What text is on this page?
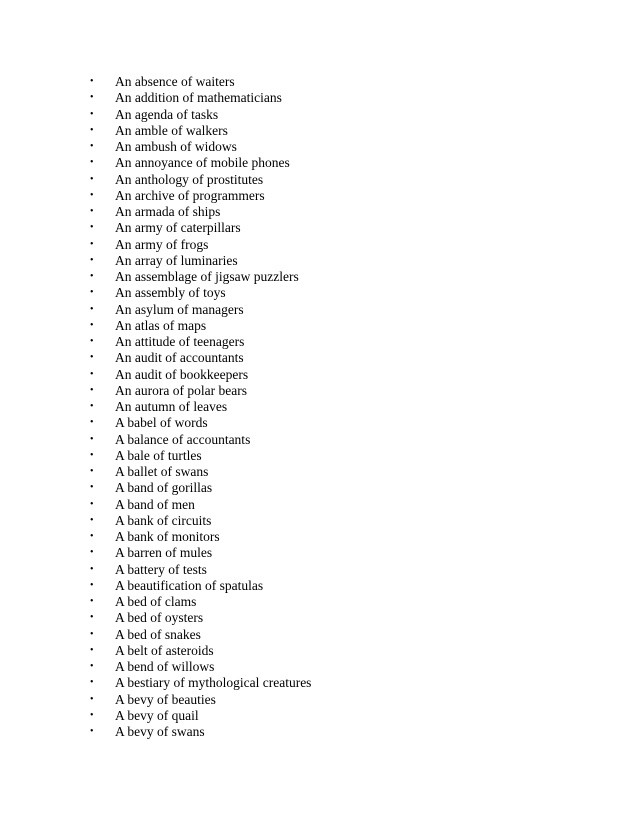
•	An absence of waiters
•	An addition of mathematicians
•	An agenda of tasks
•	An amble of walkers
•	An ambush of widows
•	An annoyance of mobile phones
•	An anthology of prostitutes
•	An archive of programmers
•	An armada of ships
•	An army of caterpillars
•	An army of frogs
•	An array of luminaries
•	An assemblage of jigsaw puzzlers
•	An assembly of toys
•	An asylum of managers
•	An atlas of maps
•	An attitude of teenagers
•	An audit of accountants
•	An audit of bookkeepers
•	An aurora of polar bears
•	An autumn of leaves
•	A babel of words
•	A balance of accountants
•	A bale of turtles
•	A ballet of swans
•	A band of gorillas
•	A band of men
•	A bank of circuits
•	A bank of monitors
•	A barren of mules
•	A battery of tests
•	A beautification of spatulas
•	A bed of clams
•	A bed of oysters
•	A bed of snakes
•	A belt of asteroids
•	A bend of willows
•	A bestiary of mythological creatures
•	A bevy of beauties
•	A bevy of quail
•	A bevy of swans
